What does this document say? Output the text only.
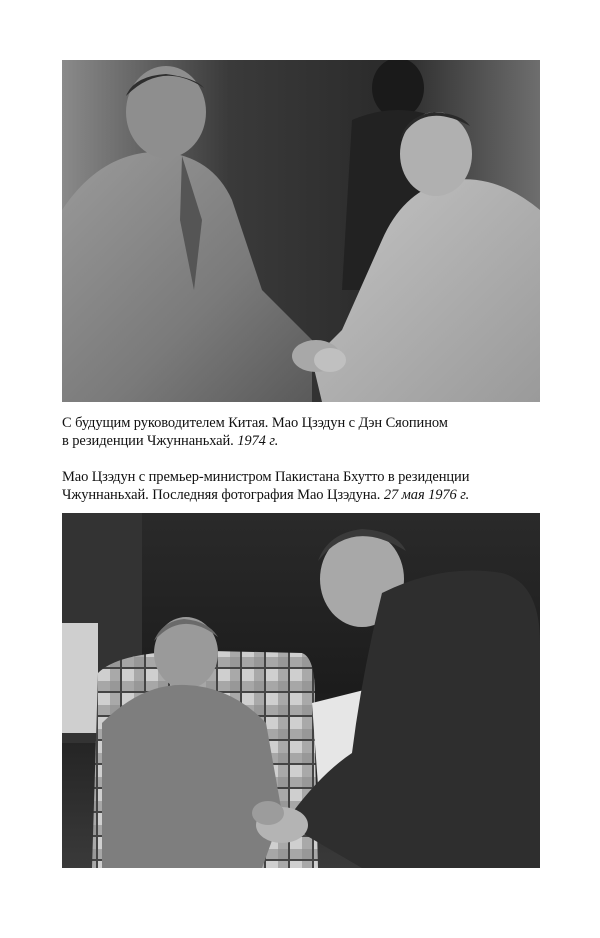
С будущим руководителем Китая. Мао Цзэдун с Дэн Сяопином
в резиденции Чжуннаньхай. 1974 г.
Мао Цзэдун с премьер-министром Пакистана Бхутто в резиденции
Чжуннаньхай. Последняя фотография Мао Цзэдуна. 27 мая 1976 г.
